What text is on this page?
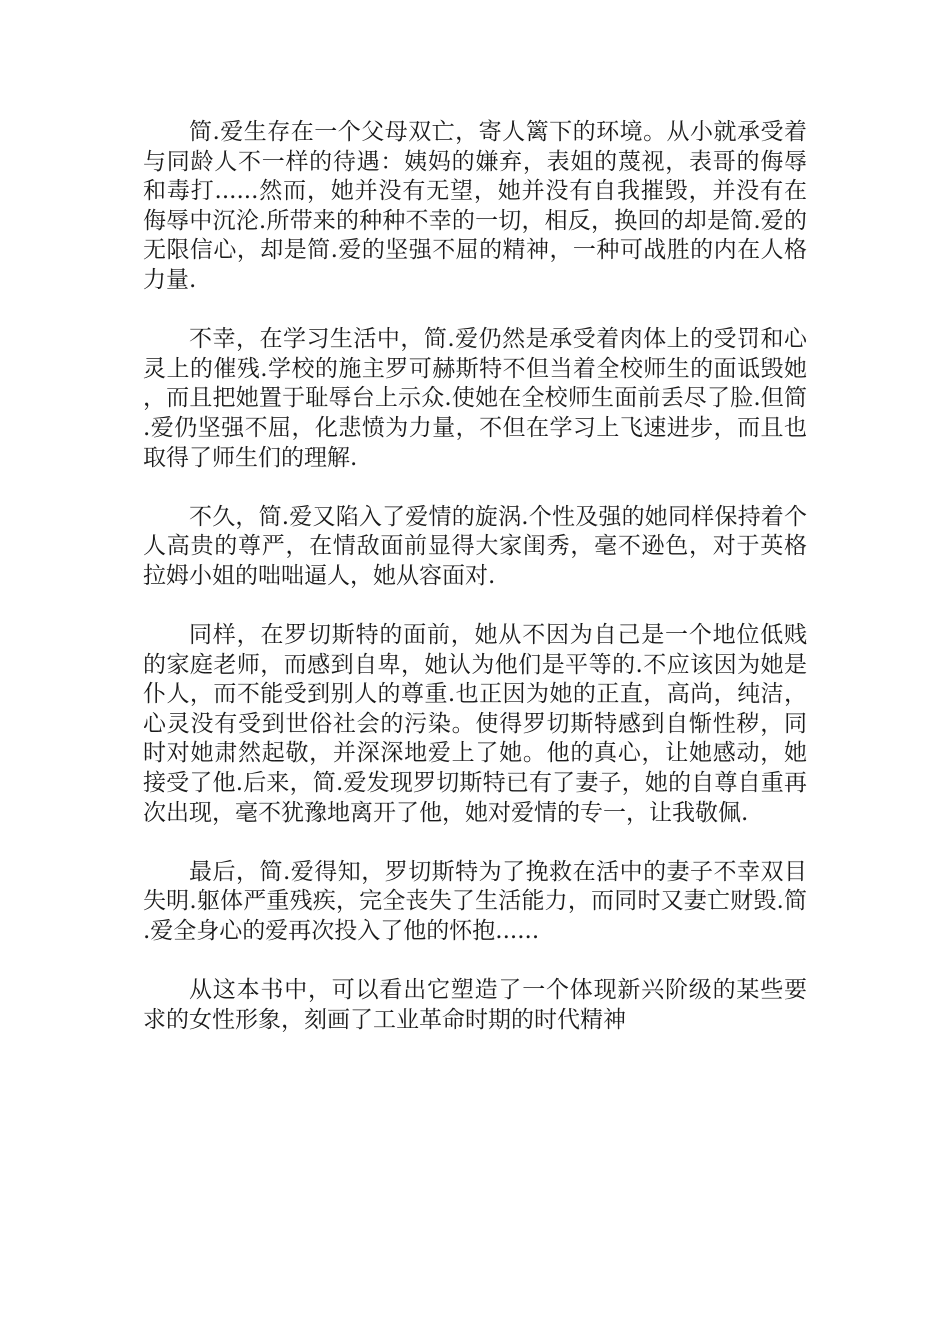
简.爱生存在一个父母双亡，寄人篱下的环境。从小就承受着与同龄人不一样的待遇：姨妈的嫌弃，表姐的蔑视，表哥的侮辱和毒打......然而，她并没有无望，她并没有自我摧毁，并没有在侮辱中沉沦.所带来的种种不幸的一切，相反，换回的却是简.爱的无限信心，却是简.爱的坚强不屈的精神，一种可战胜的内在人格力量.

不幸，在学习生活中，简.爱仍然是承受着肉体上的受罚和心灵上的催残.学校的施主罗可赫斯特不但当着全校师生的面诋毁她，而且把她置于耻辱台上示众.使她在全校师生面前丢尽了脸.但简.爱仍坚强不屈，化悲愤为力量，不但在学习上飞速进步，而且也取得了师生们的理解.

不久，简.爱又陷入了爱情的旋涡.个性及强的她同样保持着个人高贵的尊严，在情敌面前显得大家闺秀，毫不逊色，对于英格拉姆小姐的咄咄逼人，她从容面对.

同样，在罗切斯特的面前，她从不因为自己是一个地位低贱的家庭老师，而感到自卑，她认为他们是平等的.不应该因为她是仆人，而不能受到别人的尊重.也正因为她的正直，高尚，纯洁，心灵没有受到世俗社会的污染。使得罗切斯特感到自惭性秽，同时对她肃然起敬，并深深地爱上了她。他的真心，让她感动，她接受了他.后来，简.爱发现罗切斯特已有了妻子，她的自尊自重再次出现，毫不犹豫地离开了他，她对爱情的专一，让我敬佩.

最后，简.爱得知，罗切斯特为了挽救在活中的妻子不幸双目失明.躯体严重残疾，完全丧失了生活能力，而同时又妻亡财毁.简.爱全身心的爱再次投入了他的怀抱......

从这本书中，可以看出它塑造了一个体现新兴阶级的某些要求的女性形象，刻画了工业革命时期的时代精神
